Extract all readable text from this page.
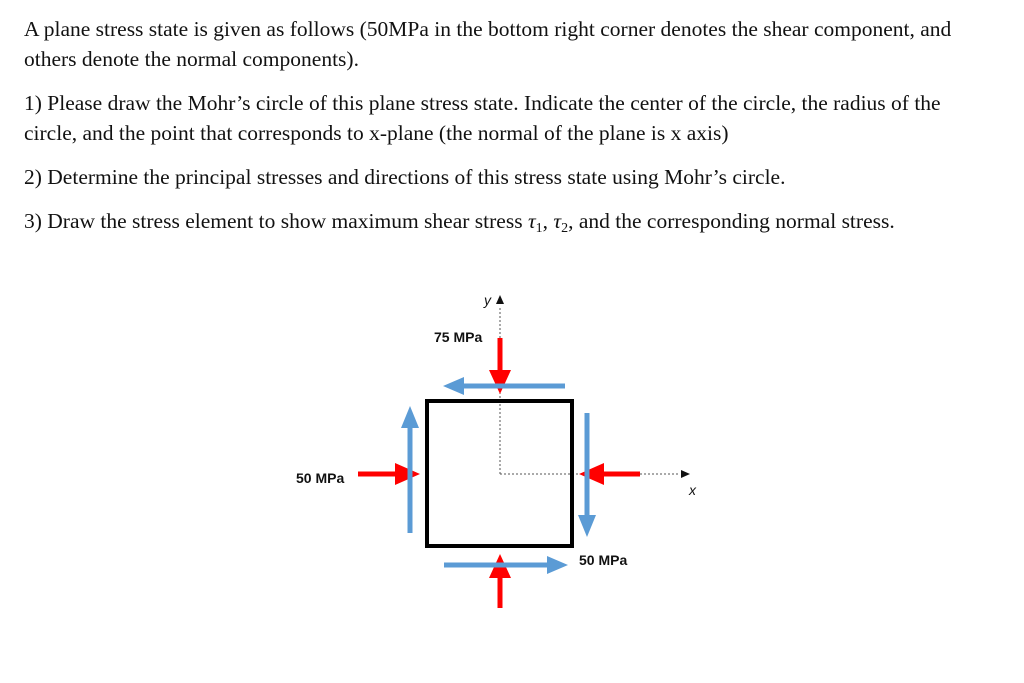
A plane stress state is given as follows (50MPa in the bottom right corner denotes the shear component, and others denote the normal components).

1) Please draw the Mohr’s circle of this plane stress state. Indicate the center of the circle, the radius of the circle, and the point that corresponds to x-plane (the normal of the plane is x axis)

2) Determine the principal stresses and directions of this stress state using Mohr’s circle.

3) Draw the stress element to show maximum shear stress $\tau_1$, $\tau_2$, and the corresponding normal stress.

75 MPa
50 MPa
50 MPa
y
x
